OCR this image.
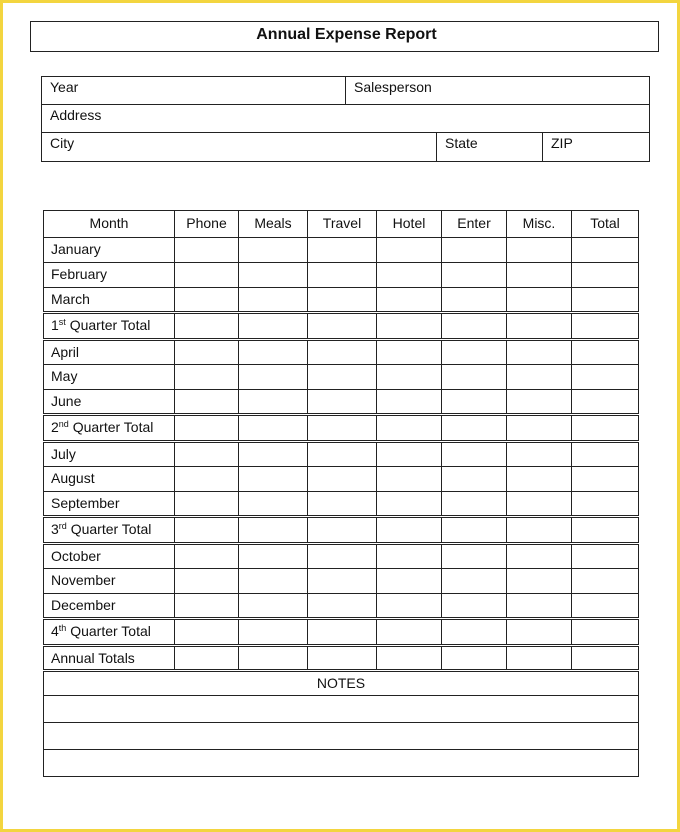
Annual Expense Report
Year	Salesperson
Address
City	State	ZIP
Month	Phone	Meals	Travel	Hotel	Enter	Misc.	Total
January							
February							
March							
1st Quarter Total							
April							
May							
June							
2nd Quarter Total							
July							
August							
September							
3rd Quarter Total							
October							
November							
December							
4th Quarter Total							
Annual Totals							
NOTES							
